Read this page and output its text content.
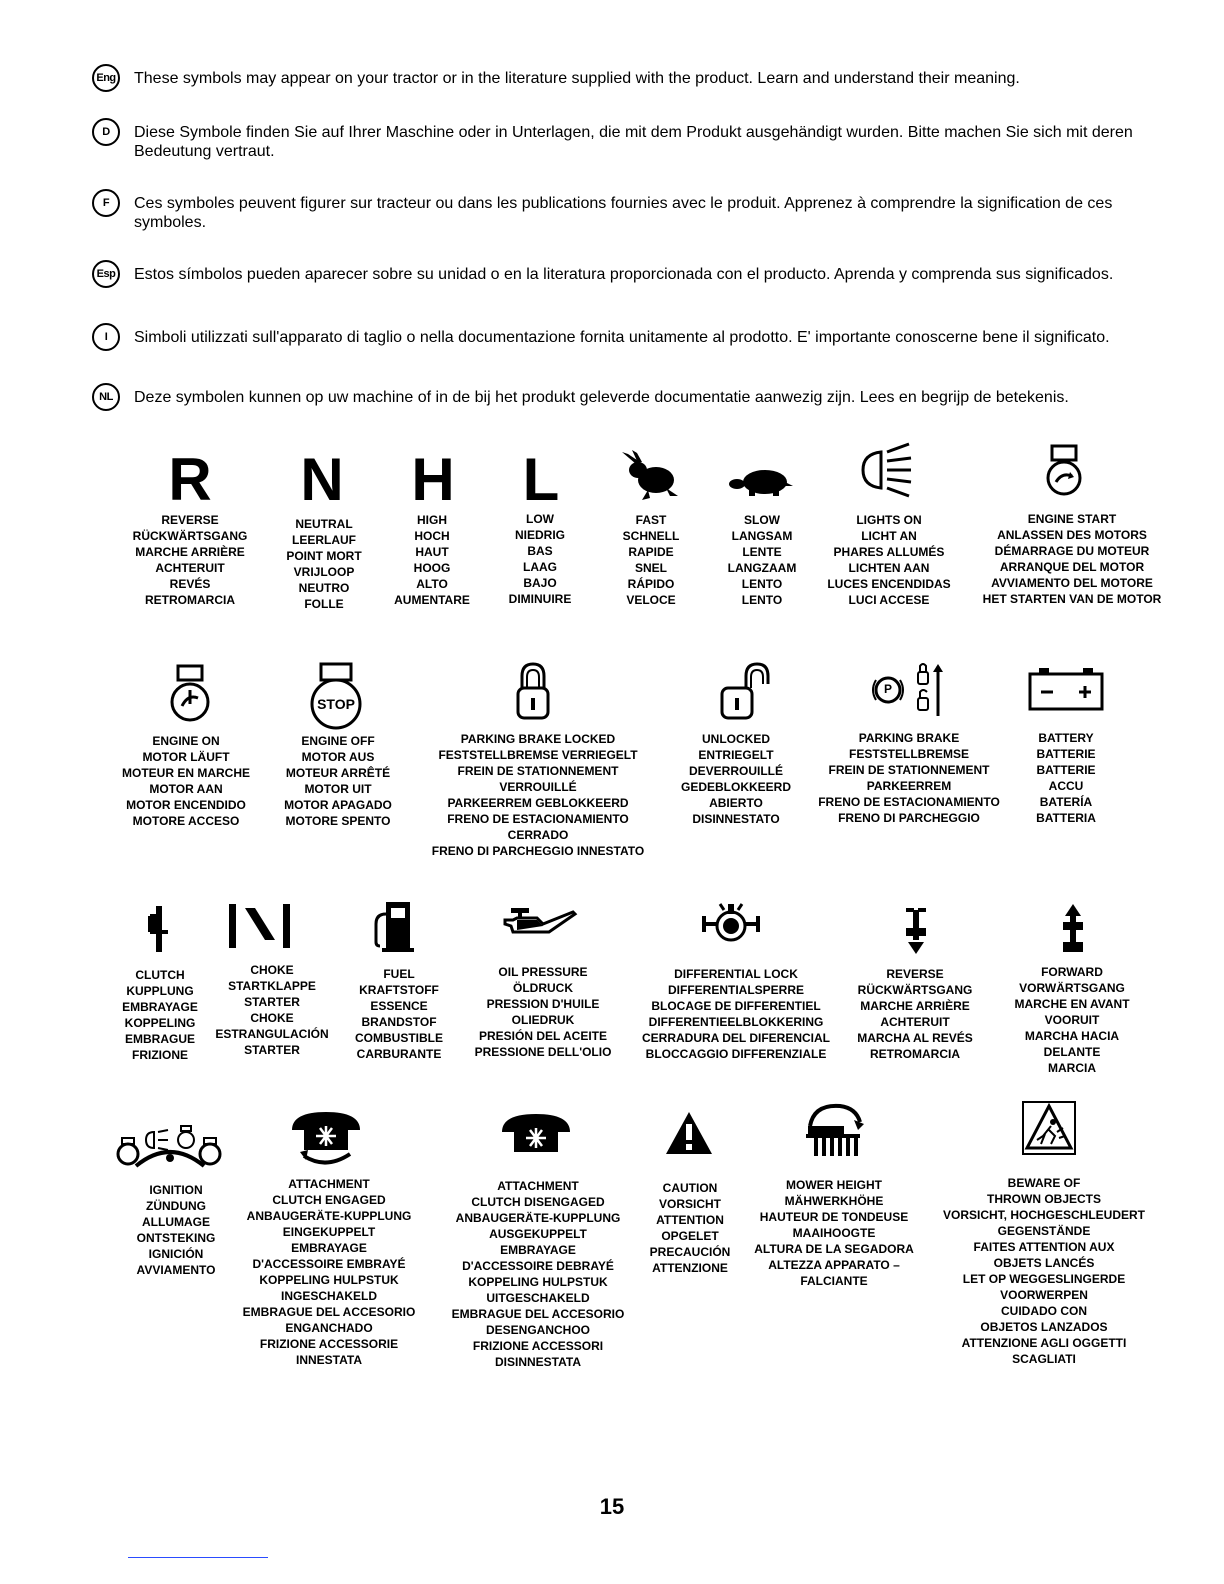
Eng These symbols may appear on your tractor or in the literature supplied with the product. Learn and understand their meaning.
D	Diese Symbole finden Sie auf Ihrer Maschine oder in Unterlagen, die mit dem Produkt ausgehändigt wurden. Bitte machen Sie sich mit deren Bedeutung vertraut.
F	Ces symboles peuvent figurer sur tracteur ou dans les publications fournies avec le produit. Apprenez à comprendre la signification de ces symboles.
Esp Estos símbolos pueden aparecer sobre su unidad o en la literatura proporcionada con el producto. Aprenda y comprenda sus significados.
I	Simboli utilizzati sull'apparato di taglio o nella documentazione fornita unitamente al prodotto. E' importante conoscerne bene il significato.
NL	Deze symbolen kunnen op uw machine of in de bij het produkt geleverde documentatie aanwezig zijn. Lees en begrijp de betekenis.
R N H L
REVERSE
RÜCKWÄRTSGANG
MARCHE ARRIÈRE
ACHTERUIT
REVÉS
RETROMARCIA
NEUTRAL
LEERLAUF
POINT MORT
VRIJLOOP
NEUTRO
FOLLE
HIGH
HOCH
HAUT
HOOG
ALTO
AUMENTARE
LOW
NIEDRIG
BAS
LAAG
BAJO
DIMINUIRE
FAST
SCHNELL
RAPIDE
SNEL
RÁPIDO
VELOCE
SLOW
LANGSAM
LENTE
LANGZAAM
LENTO
LENTO
LIGHTS ON
LICHT AN
PHARES ALLUMÉS
LICHTEN AAN
LUCES ENCENDIDAS
LUCI ACCESE
ENGINE START
ANLASSEN DES MOTORS
DÉMARRAGE DU MOTEUR
ARRANQUE DEL MOTOR
AVVIAMENTO DEL MOTORE
HET STARTEN VAN DE MOTOR
STOP
P
ENGINE ON
MOTOR LÄUFT
MOTEUR EN MARCHE
MOTOR AAN
MOTOR ENCENDIDO
MOTORE ACCESO
ENGINE OFF
MOTOR AUS
MOTEUR ARRÊTÉ
MOTOR UIT
MOTOR APAGADO
MOTORE SPENTO
PARKING BRAKE LOCKED
FESTSTELLBREMSE VERRIEGELT
FREIN DE STATIONNEMENT
VERROUILLÉ
PARKEERREM GEBLOKKEERD
FRENO DE ESTACIONAMIENTO
CERRADO
FRENO DI PARCHEGGIO INNESTATO
UNLOCKED
ENTRIEGELT
DEVERROUILLÉ
GEDEBLOKKEERD
ABIERTO
DISINNESTATO
PARKING BRAKE
FESTSTELLBREMSE
FREIN DE STATIONNEMENT
PARKEERREM
FRENO DE ESTACIONAMIENTO
FRENO DI PARCHEGGIO
BATTERY
BATTERIE
BATTERIE
ACCU
BATERÍA
BATTERIA
CLUTCH
KUPPLUNG
EMBRAYAGE
KOPPELING
EMBRAGUE
FRIZIONE
CHOKE
STARTKLAPPE
STARTER
CHOKE
ESTRANGULACIÓN
STARTER
FUEL
KRAFTSTOFF
ESSENCE
BRANDSTOF
COMBUSTIBLE
CARBURANTE
OIL PRESSURE
ÖLDRUCK
PRESSION D'HUILE
OLIEDRUK
PRESIÓN DEL ACEITE
PRESSIONE DELL'OLIO
DIFFERENTIAL LOCK
DIFFERENTIALSPERRE
BLOCAGE DE DIFFERENTIEL
DIFFERENTIEELBLOKKERING
CERRADURA DEL DIFERENCIAL
BLOCCAGGIO DIFFERENZIALE
REVERSE
RÜCKWÄRTSGANG
MARCHE ARRIÈRE
ACHTERUIT
MARCHA AL REVÉS
RETROMARCIA
FORWARD
VORWÄRTSGANG
MARCHE EN AVANT
VOORUIT
MARCHA HACIA
DELANTE
MARCIA
IGNITION
ZÜNDUNG
ALLUMAGE
ONTSTEKING
IGNICIÓN
AVVIAMENTO
ATTACHMENT
CLUTCH ENGAGED
ANBAUGERÄTE-KUPPLUNG
EINGEKUPPELT
EMBRAYAGE
D'ACCESSOIRE EMBRAYÉ
KOPPELING HULPSTUK
INGESCHAKELD
EMBRAGUE DEL ACCESORIO
ENGANCHADO
FRIZIONE ACCESSORIE
INNESTATA
ATTACHMENT
CLUTCH DISENGAGED
ANBAUGERÄTE-KUPPLUNG
AUSGEKUPPELT
EMBRAYAGE
D'ACCESSOIRE DEBRAYÉ
KOPPELING HULPSTUK
UITGESCHAKELD
EMBRAGUE DEL ACCESORIO
DESENGANCHOO
FRIZIONE ACCESSORI
DISINNESTATA
CAUTION
VORSICHT
ATTENTION
OPGELET
PRECAUCIÓN
ATTENZIONE
MOWER HEIGHT
MÄHWERKHÖHE
HAUTEUR DE TONDEUSE
MAAIHOOGTE
ALTURA DE LA SEGADORA
ALTEZZA APPARATO –
FALCIANTE
BEWARE OF
THROWN OBJECTS
VORSICHT, HOCHGESCHLEUDERT
GEGENSTÄNDE
FAITES ATTENTION AUX
OBJETS LANCÉS
LET OP WEGGESLINGERDE
VOORWERPEN
CUIDADO CON
OBJETOS LANZADOS
ATTENZIONE AGLI OGGETTI
SCAGLIATI
15
